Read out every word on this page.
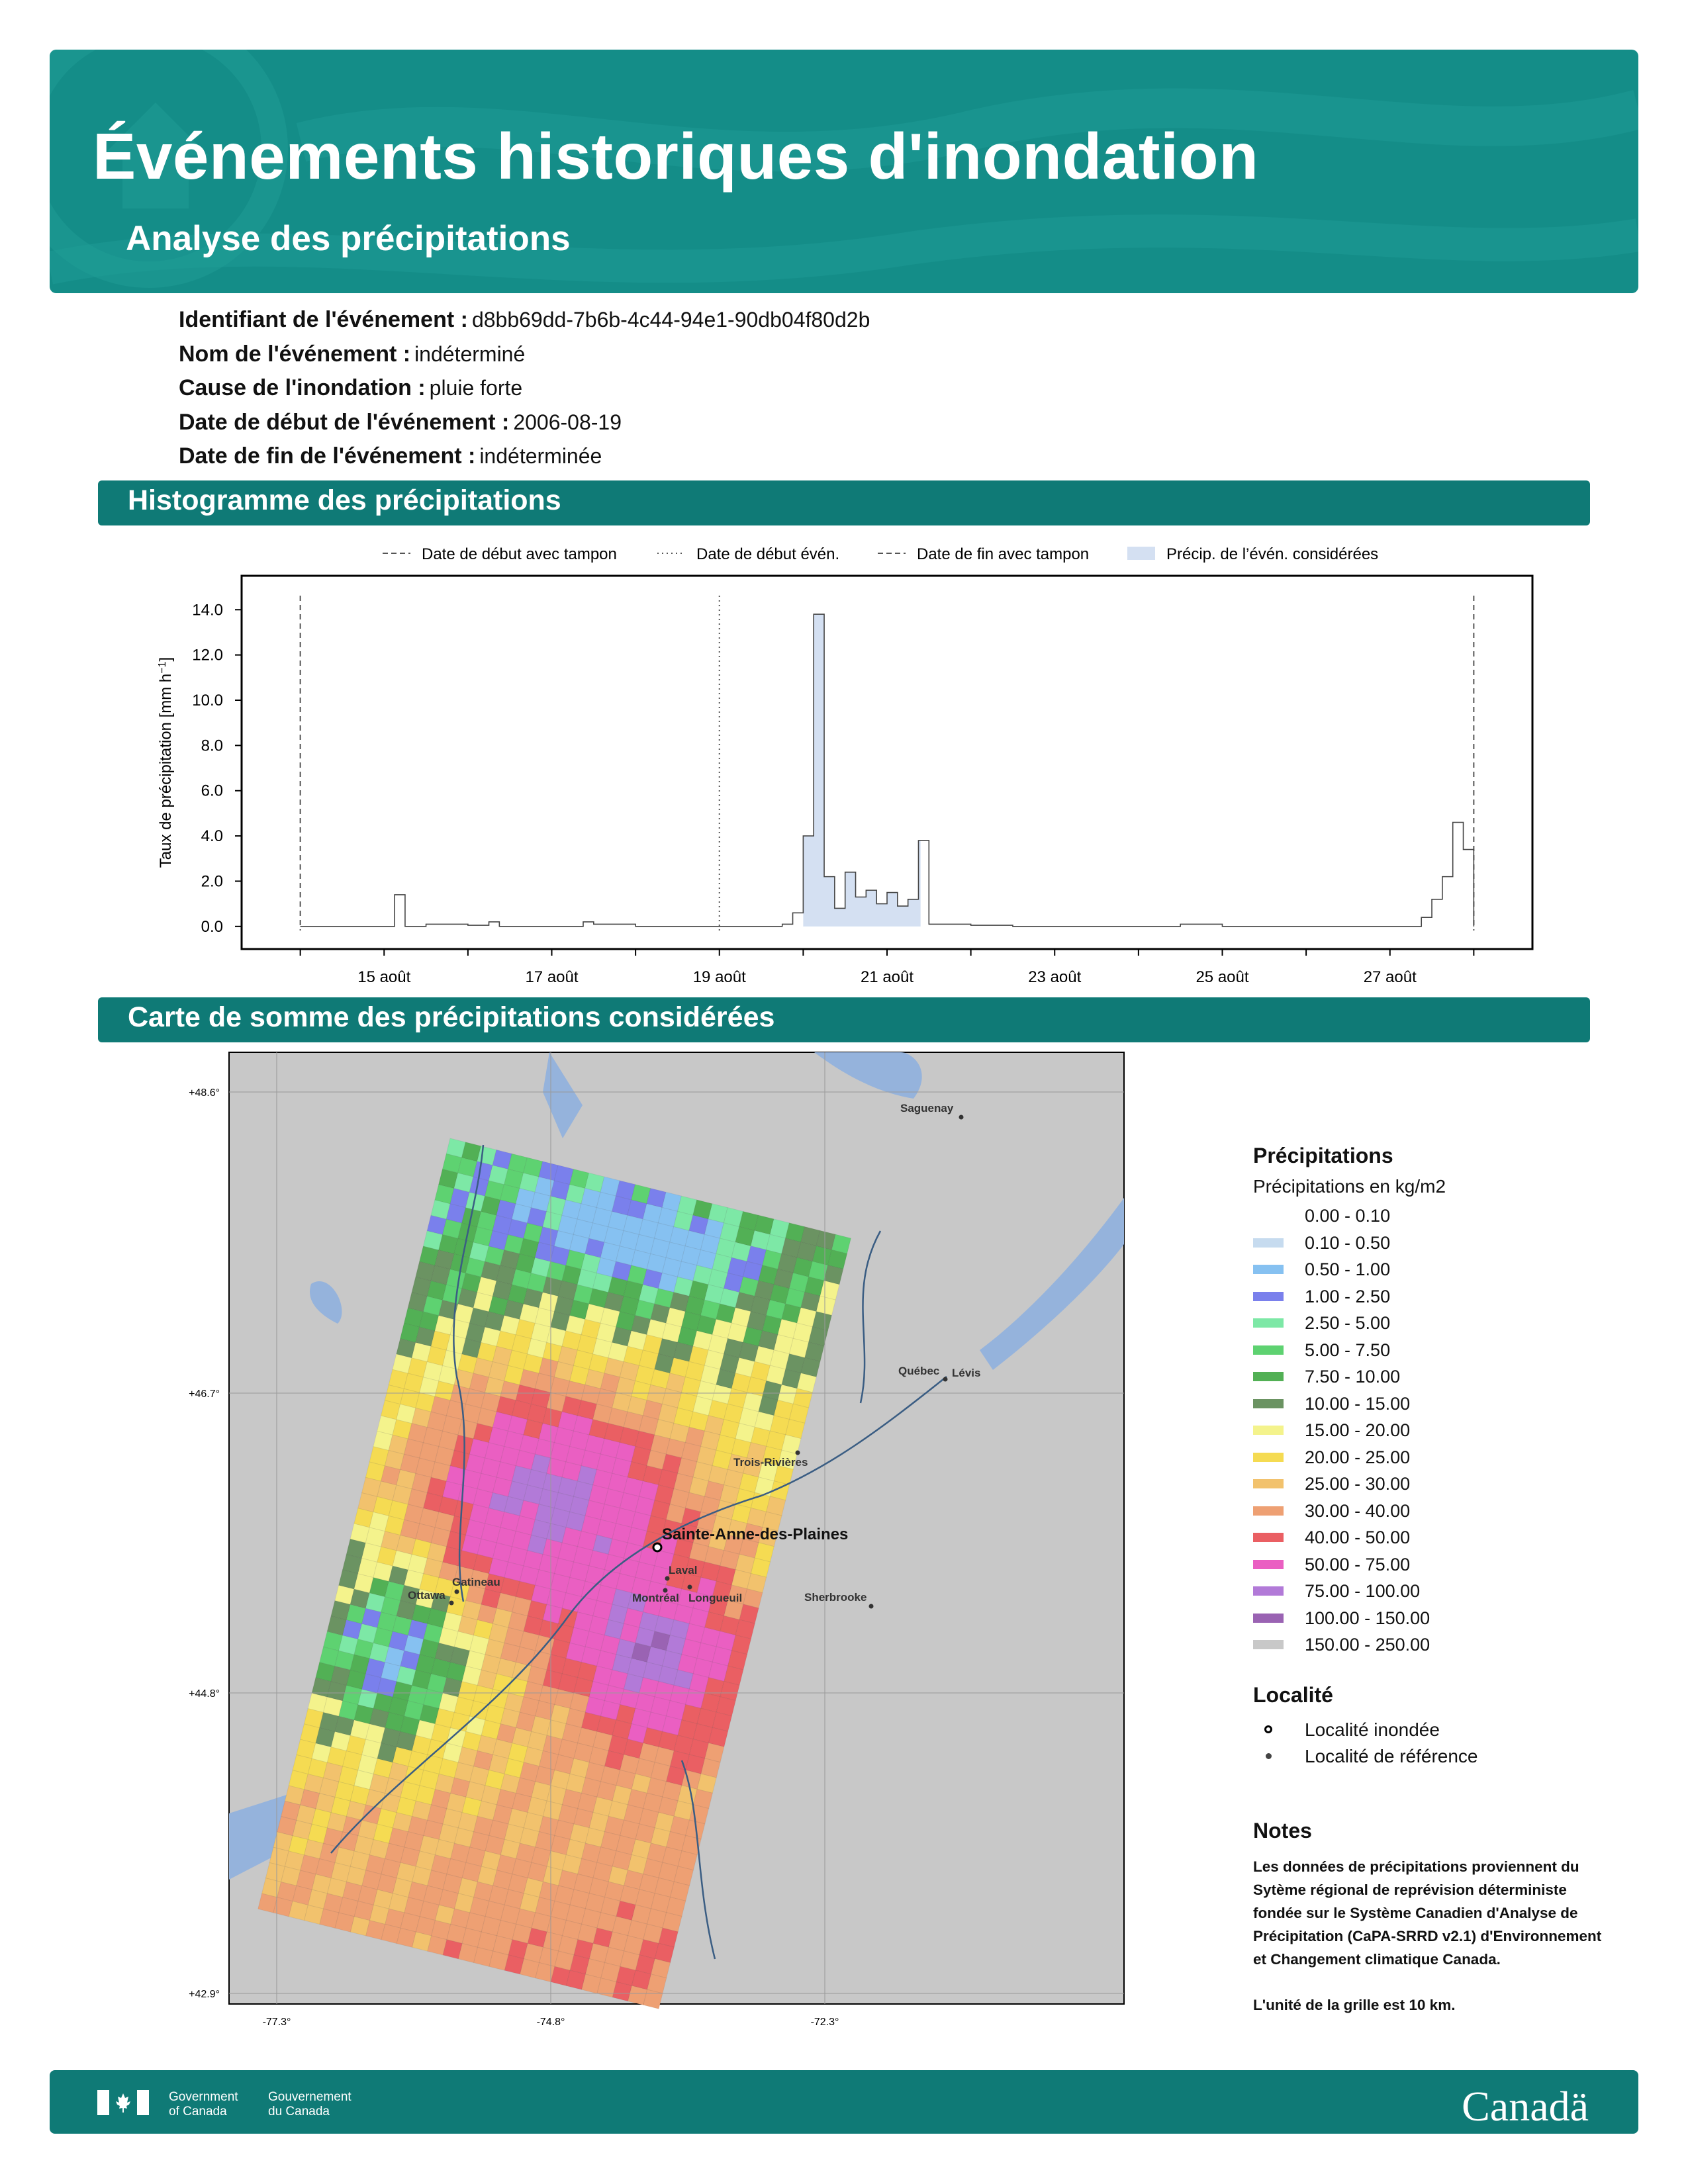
Événements historiques d'inondation
Analyse des précipitations
Identifiant de l'événement : d8bb69dd-7b6b-4c44-94e1-90db04f80d2b
Nom de l'événement : indéterminé
Cause de l'inondation : pluie forte
Date de début de l'événement : 2006-08-19
Date de fin de l'événement : indéterminée
Histogramme des précipitations
Date de début avec tampon	Date de début évén.	Date de fin avec tampon	Précip. de l’évén. considérées
0.0
2.0
4.0
6.0
8.0
10.0
12.0
14.0
15 août	17 août	19 août	21 août	23 août	25 août	27 août
Taux de précipitation [mm $h^{-1}$]
Carte de somme des précipitations considérées
Saguenay
Québec Lévis
Trois-Rivières
Gatineau
Ottawa
Laval
Montréal Longueuil	Sherbrooke
Sainte-Anne-des-Plaines
+48.6°
+46.7°
+44.8°
+42.9°
-77.3°	-74.8°	-72.3°
Précipitations
Précipitations en kg/m2
0.00 - 0.10
0.10 - 0.50
0.50 - 1.00
1.00 - 2.50
2.50 - 5.00
5.00 - 7.50
7.50 - 10.00
10.00 - 15.00
15.00 - 20.00
20.00 - 25.00
25.00 - 30.00
30.00 - 40.00
40.00 - 50.00
50.00 - 75.00
75.00 - 100.00
100.00 - 150.00
150.00 - 250.00
Localité
Localité inondée
Localité de référence
Notes
Les données de précipitations proviennent du Sytème régional de reprévision déterministe fondée sur le Système Canadien d'Analyse de Précipitation (CaPA-SRRD v2.1) d'Environnement et Changement climatique Canada.
L'unité de la grille est 10 km.
Government
of Canada
Gouvernement
du Canada	Canadä
